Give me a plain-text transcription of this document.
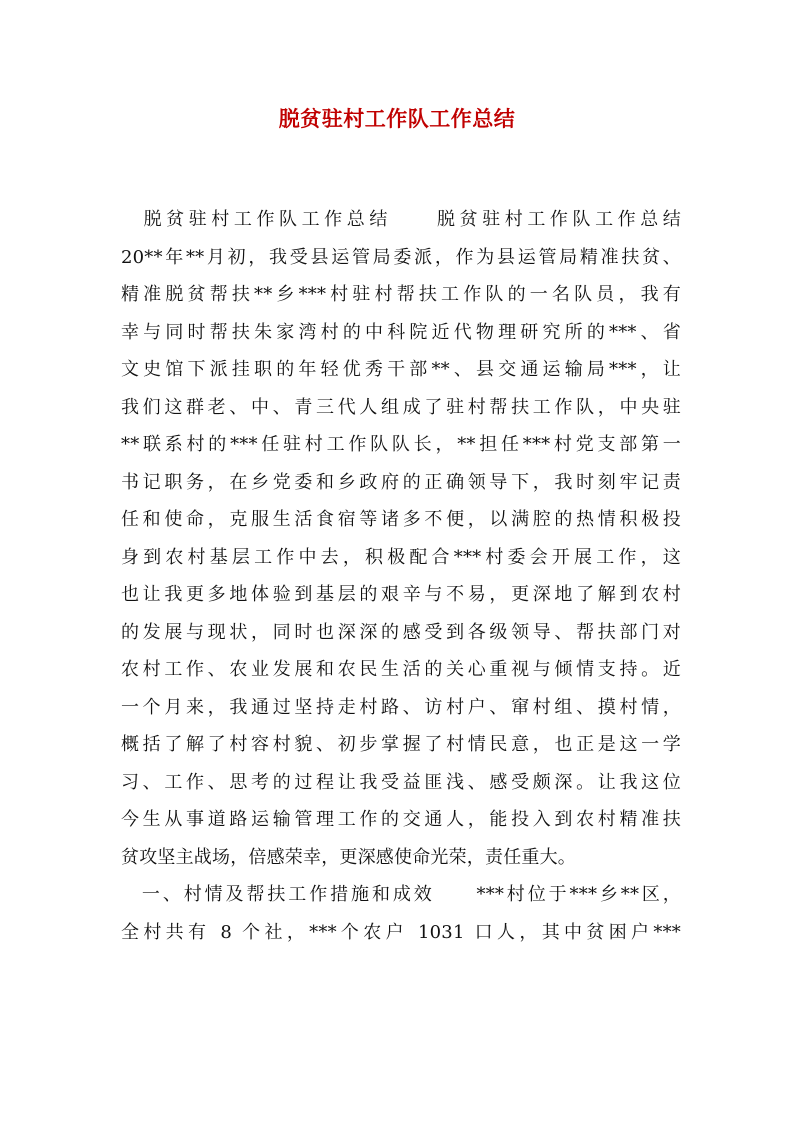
脱贫驻村工作队工作总结
　脱贫驻村工作队工作总结　　脱贫驻村工作队工作总结
20**年**月初，我受县运管局委派，作为县运管局精准扶贫、
精准脱贫帮扶**乡***村驻村帮扶工作队的一名队员，我有
幸与同时帮扶朱家湾村的中科院近代物理研究所的***、省
文史馆下派挂职的年轻优秀干部**、县交通运输局***，让
我们这群老、中、青三代人组成了驻村帮扶工作队，中央驻
**联系村的***任驻村工作队队长，**担任***村党支部第一
书记职务，在乡党委和乡政府的正确领导下，我时刻牢记责
任和使命，克服生活食宿等诸多不便，以满腔的热情积极投
身到农村基层工作中去，积极配合***村委会开展工作，这
也让我更多地体验到基层的艰辛与不易，更深地了解到农村
的发展与现状，同时也深深的感受到各级领导、帮扶部门对
农村工作、农业发展和农民生活的关心重视与倾情支持。近
一个月来，我通过坚持走村路、访村户、窜村组、摸村情，
概括了解了村容村貌、初步掌握了村情民意，也正是这一学
习、工作、思考的过程让我受益匪浅、感受颇深。让我这位
今生从事道路运输管理工作的交通人，能投入到农村精准扶
贫攻坚主战场，倍感荣幸，更深感使命光荣，责任重大。
　一、村情及帮扶工作措施和成效　　***村位于***乡**区，
全村共有 8 个社，***个农户 1031 口人，其中贫困户***
